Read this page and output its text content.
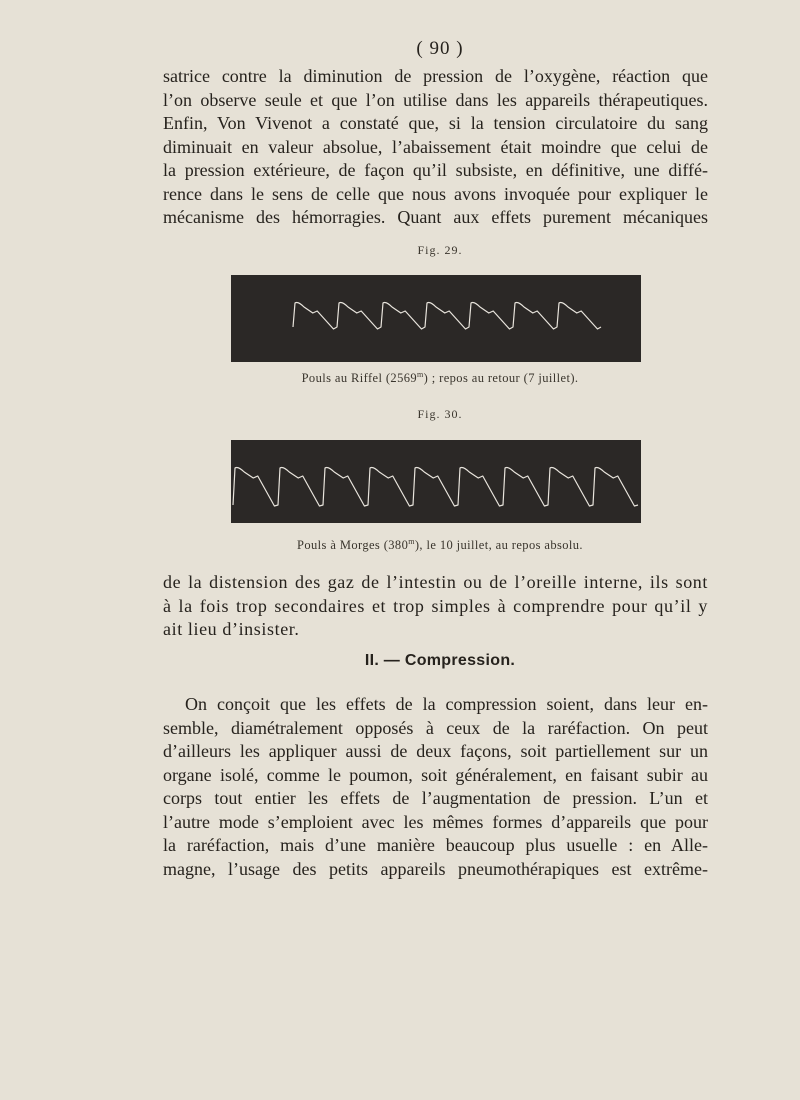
( 90 )
satrice contre la diminution de pression de l’oxygène, réaction que
l’on observe seule et que l’on utilise dans les appareils thérapeutiques.
Enfin, Von Vivenot a constaté que, si la tension circulatoire du sang
diminuait en valeur absolue, l’abaissement était moindre que celui de
la pression extérieure, de façon qu’il subsiste, en définitive, une diffé-
rence dans le sens de celle que nous avons invoquée pour expliquer le
mécanisme des hémorragies. Quant aux effets purement mécaniques
Fig. 29.
Pouls au Riffel (2569$^m$) ; repos au retour (7 juillet).
Fig. 30.
Pouls à Morges (380$^m$), le 10 juillet, au repos absolu.
de la distension des gaz de l’intestin ou de l’oreille interne, ils sont
à la fois trop secondaires et trop simples à comprendre pour qu’il y
ait lieu d’insister.
II. — Compression.
On conçoit que les effets de la compression soient, dans leur en-
semble, diamétralement opposés à ceux de la raréfaction. On peut
d’ailleurs les appliquer aussi de deux façons, soit partiellement sur un
organe isolé, comme le poumon, soit généralement, en faisant subir au
corps tout entier les effets de l’augmentation de pression. L’un et
l’autre mode s’emploient avec les mêmes formes d’appareils que pour
la raréfaction, mais d’une manière beaucoup plus usuelle : en Alle-
magne, l’usage des petits appareils pneumothérapiques est extrême-
